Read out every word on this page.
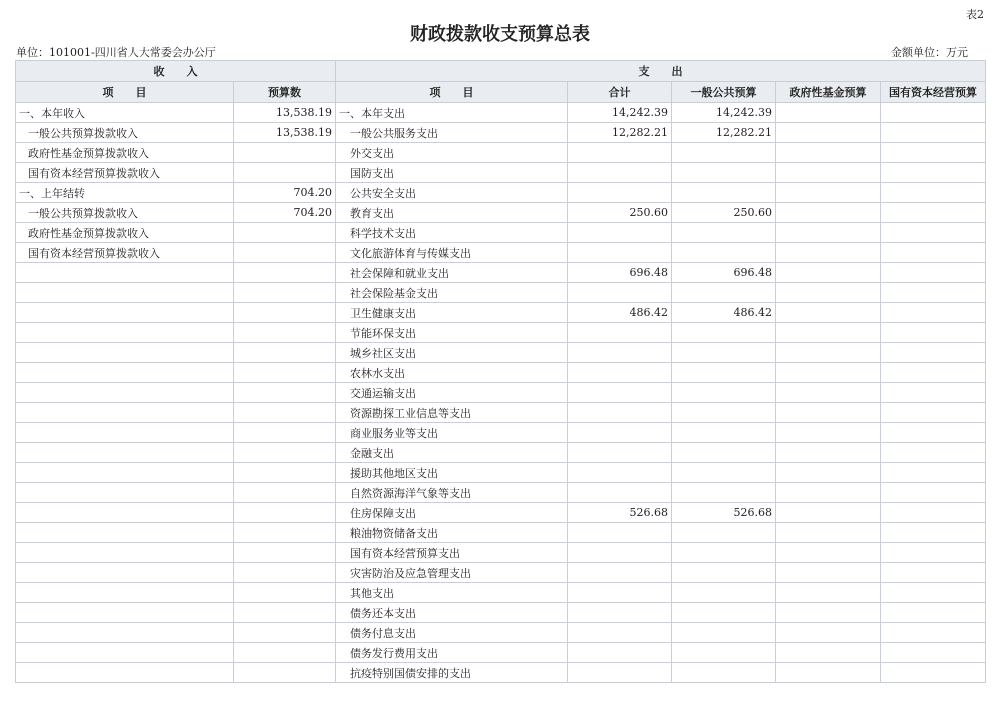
表2
财政拨款收支预算总表
单位：101001-四川省人大常委会办公厅	金额单位：万元
收　　入		支　　出				
项　　目	预算数	项　　目	合计	一般公共预算	政府性基金预算	国有资本经营预算
一、本年收入	13,538.19	一、本年支出	14,242.39	14,242.39		
一般公共预算拨款收入	13,538.19	一般公共服务支出	12,282.21	12,282.21		
政府性基金预算拨款收入		外交支出				
国有资本经营预算拨款收入		国防支出				
一、上年结转	704.20	公共安全支出				
一般公共预算拨款收入	704.20	教育支出	250.60	250.60		
政府性基金预算拨款收入		科学技术支出				
国有资本经营预算拨款收入		文化旅游体育与传媒支出				
		社会保障和就业支出	696.48	696.48		
		社会保险基金支出				
		卫生健康支出	486.42	486.42		
		节能环保支出				
		城乡社区支出				
		农林水支出				
		交通运输支出				
		资源勘探工业信息等支出				
		商业服务业等支出				
		金融支出				
		援助其他地区支出				
		自然资源海洋气象等支出				
		住房保障支出	526.68	526.68		
		粮油物资储备支出				
		国有资本经营预算支出				
		灾害防治及应急管理支出				
		其他支出				
		债务还本支出				
		债务付息支出				
		债务发行费用支出				
		抗疫特别国债安排的支出				
